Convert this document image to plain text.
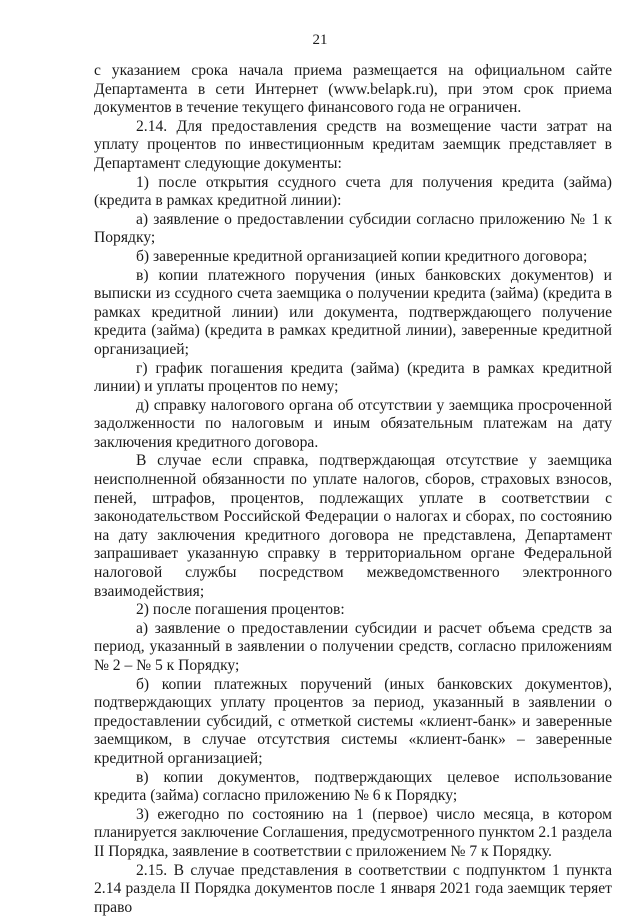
21

с указанием срока начала приема размещается на официальном сайте Департамента в сети Интернет (www.belapk.ru), при этом срок приема документов в течение текущего финансового года не ограничен.

2.14. Для предоставления средств на возмещение части затрат на уплату процентов по инвестиционным кредитам заемщик представляет в Департамент следующие документы:

1) после открытия ссудного счета для получения кредита (займа) (кредита в рамках кредитной линии):

а) заявление о предоставлении субсидии согласно приложению № 1 к Порядку;

б) заверенные кредитной организацией копии кредитного договора;

в) копии платежного поручения (иных банковских документов) и выписки из ссудного счета заемщика о получении кредита (займа) (кредита в рамках кредитной линии) или документа, подтверждающего получение кредита (займа) (кредита в рамках кредитной линии), заверенные кредитной организацией;

г) график погашения кредита (займа) (кредита в рамках кредитной линии) и уплаты процентов по нему;

д) справку налогового органа об отсутствии у заемщика просроченной задолженности по налоговым и иным обязательным платежам на дату заключения кредитного договора.

В случае если справка, подтверждающая отсутствие у заемщика неисполненной обязанности по уплате налогов, сборов, страховых взносов, пеней, штрафов, процентов, подлежащих уплате в соответствии с законодательством Российской Федерации о налогах и сборах, по состоянию на дату заключения кредитного договора не представлена, Департамент запрашивает указанную справку в территориальном органе Федеральной налоговой службы посредством межведомственного электронного взаимодействия;

2) после погашения процентов:

а) заявление о предоставлении субсидии и расчет объема средств за период, указанный в заявлении о получении средств, согласно приложениям № 2 – № 5 к Порядку;

б) копии платежных поручений (иных банковских документов), подтверждающих уплату процентов за период, указанный в заявлении о предоставлении субсидий, с отметкой системы «клиент-банк» и заверенные заемщиком, в случае отсутствия системы «клиент-банк» – заверенные кредитной организацией;

в) копии документов, подтверждающих целевое использование кредита (займа) согласно приложению № 6 к Порядку;

3) ежегодно по состоянию на 1 (первое) число месяца, в котором планируется заключение Соглашения, предусмотренного пунктом 2.1 раздела II Порядка, заявление в соответствии с приложением № 7 к Порядку.

2.15. В случае представления в соответствии с подпунктом 1 пункта 2.14 раздела II Порядка документов после 1 января 2021 года заемщик теряет право
